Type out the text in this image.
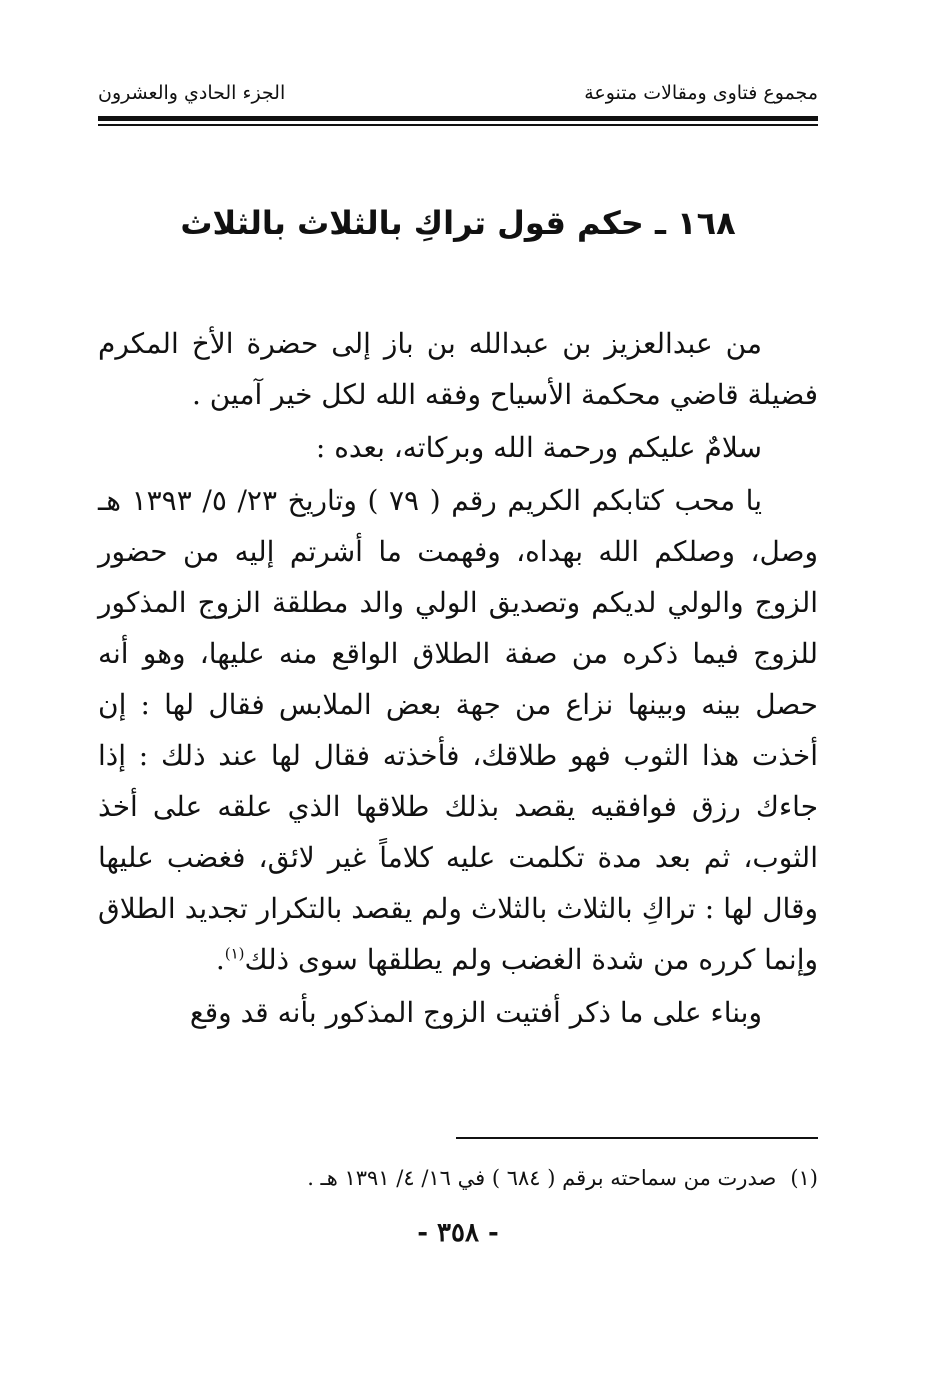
مجموع فتاوى ومقالات متنوعة
الجزء الحادي والعشرون
١٦٨ ـ حكم قول تراكِ بالثلاث بالثلاث

من عبدالعزيز بن عبدالله بن باز إلى حضرة الأخ المكرم فضيلة قاضي محكمة الأسياح وفقه الله لكل خير آمين .

سلامٌ عليكم ورحمة الله وبركاته، بعده :

يا محب كتابكم الكريم رقم ( ٧٩ ) وتاريخ ٢٣/ ٥/ ١٣٩٣ هـ وصل، وصلكم الله بهداه، وفهمت ما أشرتم إليه من حضور الزوج والولي لديكم وتصديق الولي والد مطلقة الزوج المذكور للزوج فيما ذكره من صفة الطلاق الواقع منه عليها، وهو أنه حصل بينه وبينها نزاع من جهة بعض الملابس فقال لها : إن أخذت هذا الثوب فهو طلاقك، فأخذته فقال لها عند ذلك : إذا جاءك رزق فوافقيه يقصد بذلك طلاقها الذي علقه على أخذ الثوب، ثم بعد مدة تكلمت عليه كلاماً غير لائق، فغضب عليها وقال لها : تراكِ بالثلاث بالثلاث ولم يقصد بالتكرار تجديد الطلاق وإنما كرره من شدة الغضب ولم يطلقها سوى ذلك$^{(١)}$.

وبناء على ما ذكر أفتيت الزوج المذكور بأنه قد وقع

(١)صدرت من سماحته برقم ( ٦٨٤ ) في ١٦/ ٤/ ١٣٩١ هـ .
- ٣٥٨ -
